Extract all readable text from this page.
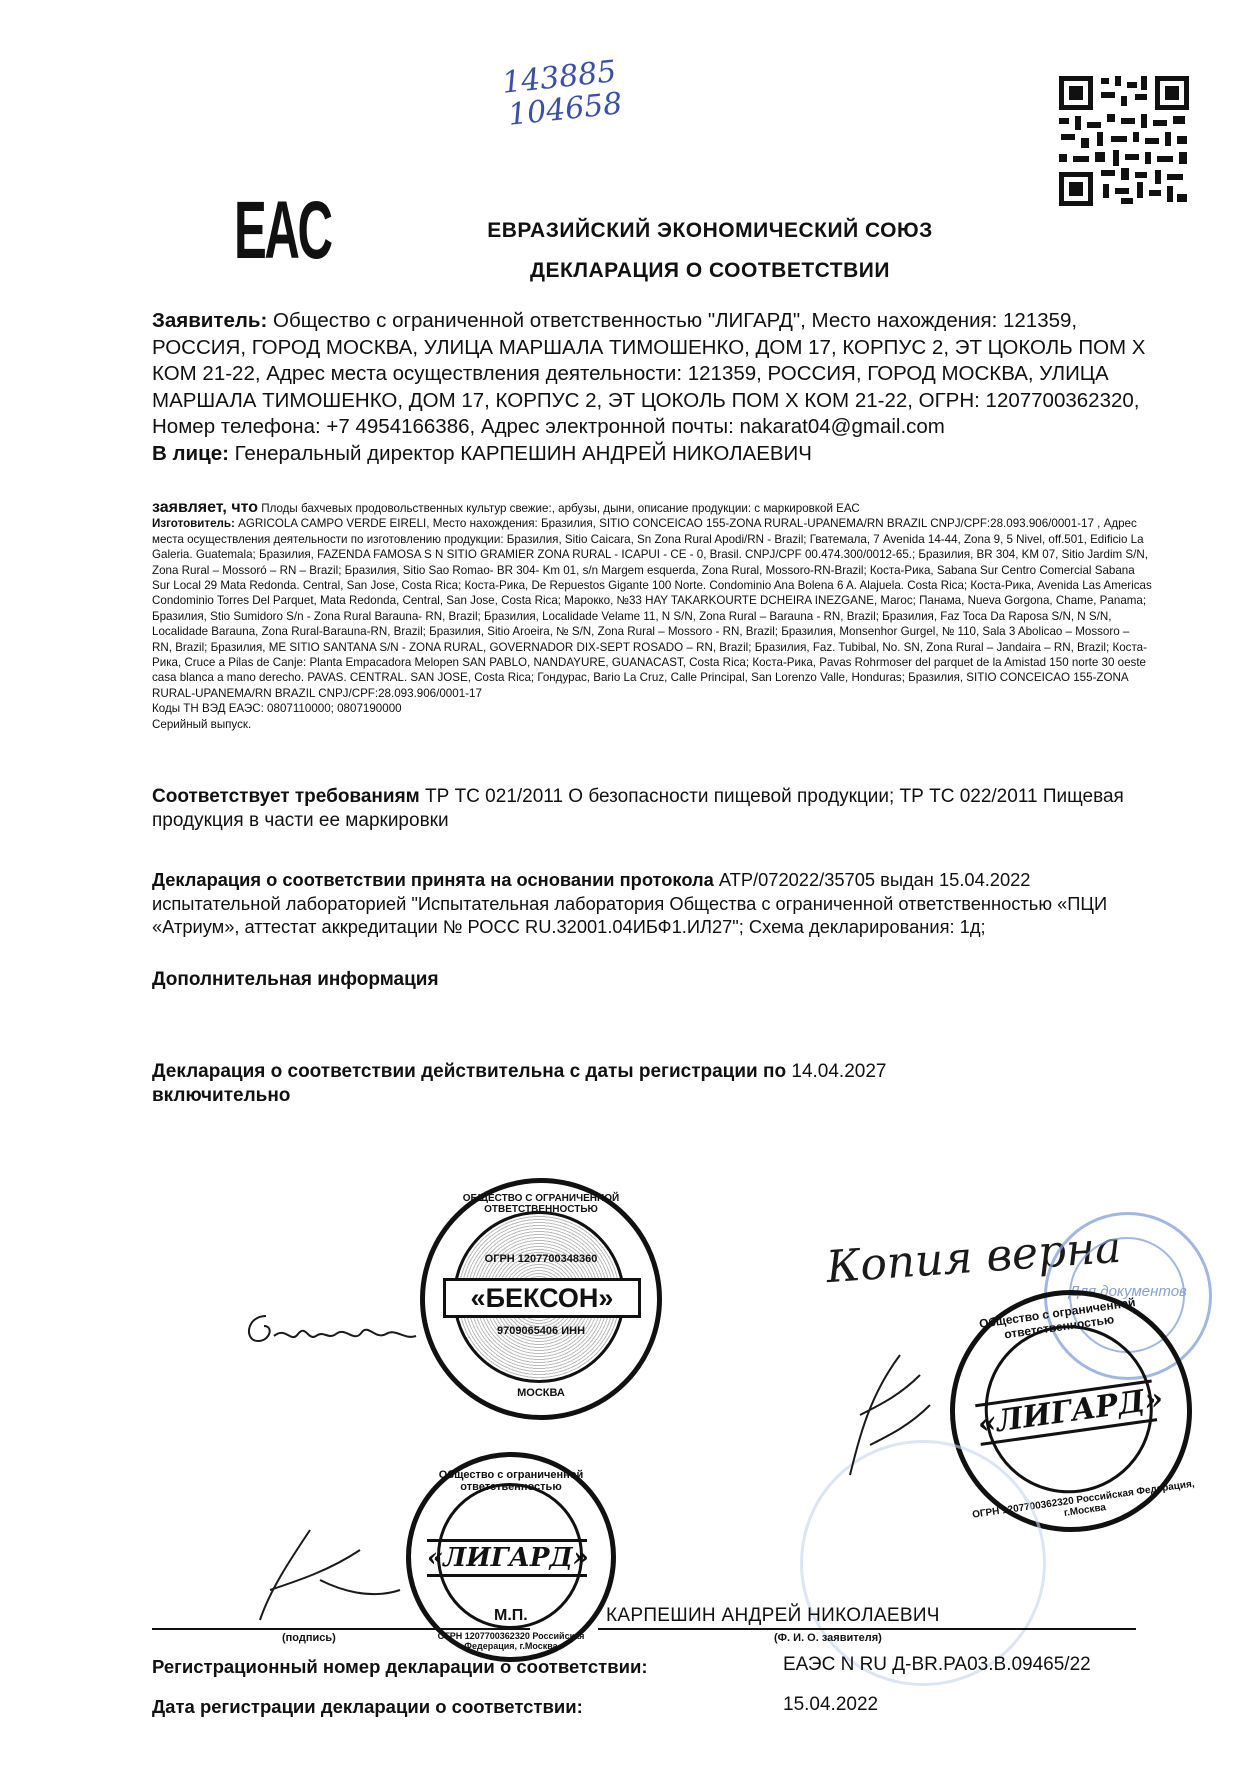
143885
104658
EAC	ЕВРАЗИЙСКИЙ ЭКОНОМИЧЕСКИЙ СОЮЗ
ДЕКЛАРАЦИЯ О СООТВЕТСТВИИ
Заявитель: Общество с ограниченной ответственностью "ЛИГАРД", Место нахождения: 121359, РОССИЯ, ГОРОД МОСКВА, УЛИЦА МАРШАЛА ТИМОШЕНКО, ДОМ 17, КОРПУС 2, ЭТ ЦОКОЛЬ ПОМ Х КОМ 21-22, Адрес места осуществления деятельности: 121359, РОССИЯ, ГОРОД МОСКВА, УЛИЦА МАРШАЛА ТИМОШЕНКО, ДОМ 17, КОРПУС 2, ЭТ ЦОКОЛЬ ПОМ Х КОМ 21-22, ОГРН: 1207700362320, Номер телефона: +7 4954166386, Адрес электронной почты: nakarat04@gmail.com
В лице: Генеральный директор КАРПЕШИН АНДРЕЙ НИКОЛАЕВИЧ
заявляет, что Плоды бахчевых продовольственных культур свежие:, арбузы, дыни, описание продукции: с маркировкой ЕАС
Изготовитель: AGRICOLA CAMPO VERDE EIRELI, Место нахождения: Бразилия, SITIO CONCEICAO 155-ZONA RURAL-UPANEMA/RN BRAZIL CNPJ/CPF:28.093.906/0001-17 , Адрес места осуществления деятельности по изготовлению продукции: Бразилия, Sitio Caicara, Sn Zona Rural Apodi/RN - Brazil; Гватемала, 7 Avenida 14-44, Zona 9, 5 Nivel, off.501, Edificio La Galeria. Guatemala; Бразилия, FAZENDA FAMOSA S N SITIO GRAMIER ZONA RURAL - ICAPUI - CE - 0, Brasil. CNPJ/CPF 00.474.300/0012-65.; Бразилия, BR 304, KM 07, Sitio Jardim S/N, Zona Rural – Mossoró – RN – Brazil; Бразилия, Sitio Sao Romao- BR 304- Km 01, s/n Margem esquerda, Zona Rural, Mossoro-RN-Brazil; Коста-Рика, Sabana Sur Centro Comercial Sabana Sur Local 29 Mata Redonda. Central, San Jose, Costa Rica; Коста-Рика, De Repuestos Gigante 100 Norte. Condominio Ana Bolena 6 A. Alajuela. Costa Rica; Коста-Рика, Avenida Las Americas Condominio Torres Del Parquet, Mata Redonda, Central, San Jose, Costa Rica; Марокко, №33 HAY TAKARKOURTE DCHEIRA INEZGANE, Maroc; Панама, Nueva Gorgona, Chame, Panama; Бразилия, Stio Sumidoro S/n - Zona Rural Barauna- RN, Brazil; Бразилия, Localidade Velame 11, N S/N, Zona Rural – Barauna - RN, Brazil; Бразилия, Faz Toca Da Raposa S/N, N S/N, Localidade Barauna, Zona Rural-Barauna-RN, Brazil; Бразилия, Sitio Aroeira, № S/N, Zona Rural – Mossoro - RN, Brazil; Бразилия, Monsenhor Gurgel, № 110, Sala 3 Abolicao – Mossoro – RN, Brazil; Бразилия, ME SITIO SANTANA S/N - ZONA RURAL, GOVERNADOR DIX-SEPT ROSADO – RN, Brazil; Бразилия, Faz. Tubibal, No. SN, Zona Rural – Jandaira – RN, Brazil; Коста-Рика, Cruce a Pilas de Canje: Planta Empacadora Melopen SAN PABLO, NANDAYURE, GUANACAST, Costa Rica; Коста-Рика, Pavas Rohrmoser del parquet de la Amistad 150 norte 30 oeste casa blanca a mano derecho. PAVAS. CENTRAL. SAN JOSE, Costa Rica; Гондурас, Bario La Cruz, Calle Principal, San Lorenzo Valle, Honduras; Бразилия, SITIO CONCEICAO 155-ZONA RURAL-UPANEMA/RN BRAZIL CNPJ/CPF:28.093.906/0001-17
Коды ТН ВЭД ЕАЭС: 0807110000; 0807190000
Серийный выпуск.
Соответствует требованиям ТР ТС 021/2011 О безопасности пищевой продукции; ТР ТС 022/2011 Пищевая продукция в части ее маркировки
Декларация о соответствии принята на основании протокола АТР/072022/35705 выдан 15.04.2022 испытательной лабораторией "Испытательная лаборатория Общества с ограниченной ответственностью «ПЦИ «Атриум», аттестат аккредитации № РОСС RU.32001.04ИБФ1.ИЛ27"; Схема декларирования: 1д;
Дополнительная информация
Декларация о соответствии действительна с даты регистрации по 14.04.2027
включительно
ОБЩЕСТВО С ОГРАНИЧЕННОЙ ОТВЕТСТВЕННОСТЬЮ
ОГРН 1207700348360
«БЕКСОН»
9709065406 ИНН
МОСКВА
Копия верна
Для документов
Общество с ограниченной ответственностью
«ЛИГАРД»
ОГРН 1207700362320 Российская Федерация, г.Москва
Общество с ограниченной ответственностью
«ЛИГАРД»
ОГРН 1207700362320 Российская Федерация, г.Москва
М.П.	КАРПЕШИН АНДРЕЙ НИКОЛАЕВИЧ
(подпись)	(Ф. И. О. заявителя)
Регистрационный номер декларации о соответствии:	ЕАЭС N RU Д-BR.PA03.B.09465/22
Дата регистрации декларации о соответствии:	15.04.2022
